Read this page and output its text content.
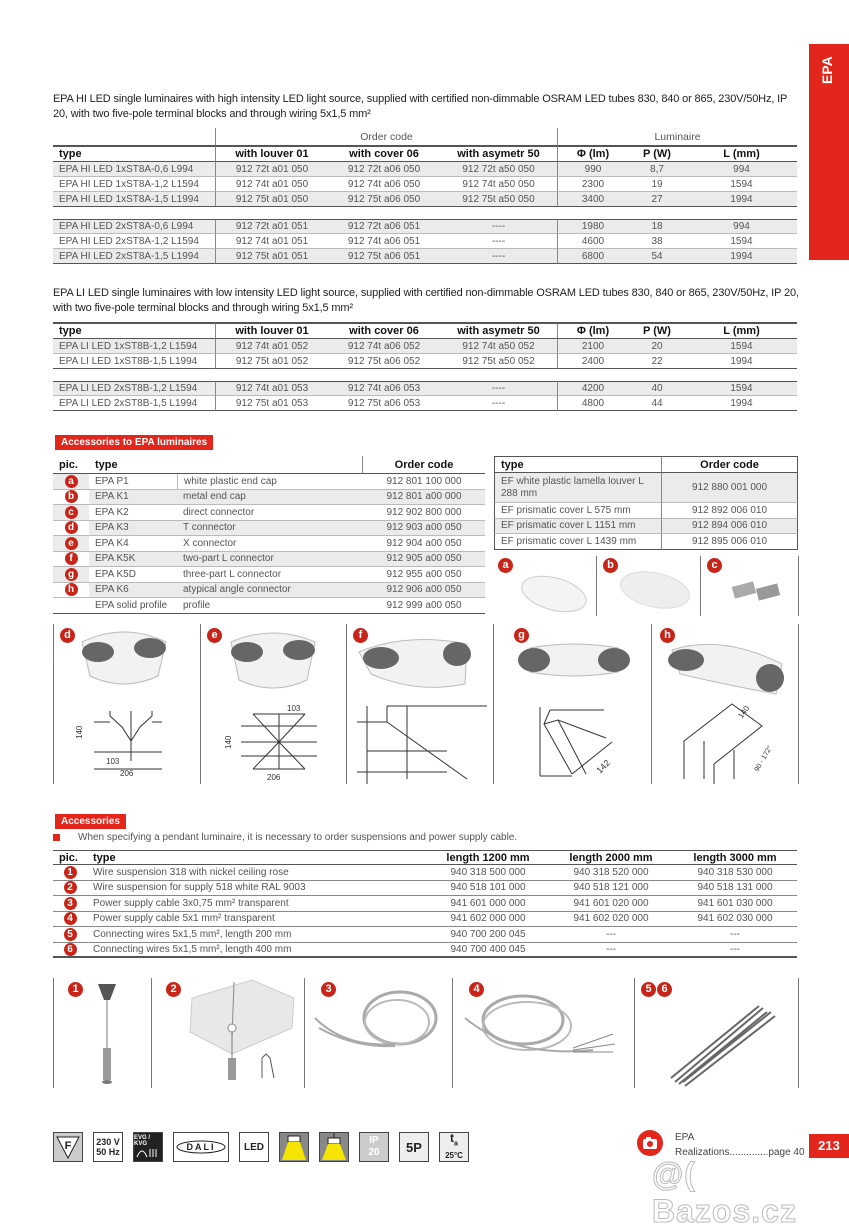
EPA
EPA HI LED single luminaires with high intensity LED light source, supplied with certified non-dimmable OSRAM LED tubes 830, 840 or 865, 230V/50Hz, IP 20, with two five-pole terminal blocks and through wiring 5x1,5 mm²
	Order code			Luminaire		
type	with louver 01	with cover 06	with asymetr 50	Φ (lm)	P (W)	L (mm)
EPA HI LED 1xST8A-0,6 L994	912 72t a01 050	912 72t a06 050	912 72t a50 050	990	8,7	994
EPA HI LED 1xST8A-1,2 L1594	912 74t a01 050	912 74t a06 050	912 74t a50 050	2300	19	1594
EPA HI LED 1xST8A-1,5 L1994	912 75t a01 050	912 75t a06 050	912 75t a50 050	3400	27	1994

EPA HI LED 2xST8A-0,6 L994	912 72t a01 051	912 72t a06 051	----	1980	18	994
EPA HI LED 2xST8A-1,2 L1594	912 74t a01 051	912 74t a06 051	----	4600	38	1594
EPA HI LED 2xST8A-1,5 L1994	912 75t a01 051	912 75t a06 051	----	6800	54	1994
EPA LI LED single luminaires with low intensity LED light source, supplied with certified non-dimmable OSRAM LED tubes 830, 840 or 865, 230V/50Hz, IP 20, with two five-pole terminal blocks and through wiring 5x1,5 mm²
type	with louver 01	with cover 06	with asymetr 50	Φ (lm)	P (W)	L (mm)
EPA LI LED 1xST8B-1,2 L1594	912 74t a01 052	912 74t a06 052	912 74t a50 052	2100	20	1594
EPA LI LED 1xST8B-1,5 L1994	912 75t a01 052	912 75t a06 052	912 75t a50 052	2400	22	1994

EPA LI LED 2xST8B-1,2 L1594	912 74t a01 053	912 74t a06 053	----	4200	40	1594
EPA LI LED 2xST8B-1,5 L1994	912 75t a01 053	912 75t a06 053	----	4800	44	1994
Accessories to EPA luminaires
pic.	type		Order code
a	EPA P1	white plastic end cap	912 801 100 000
b	EPA K1	metal end cap	912 801 a00 000
c	EPA K2	direct connector	912 902 800 000
d	EPA K3	T connector	912 903 a00 050
e	EPA K4	X connector	912 904 a00 050
f	EPA K5K	two-part L connector	912 905 a00 050
g	EPA K5D	three-part L connector	912 955 a00 050
h	EPA K6	atypical angle connector	912 906 a00 050
	EPA solid profile	profile	912 999 a00 050
type	Order code
EF white plastic lamella louver L 288 mm	912 880 001 000
EF prismatic cover L 575 mm	912 892 006 010
EF prismatic cover L 1151 mm	912 894 006 010
EF prismatic cover L 1439 mm	912 895 006 010
a	b	c
d
140
103
206
e
103
140
206
f	g
142
h
140
90 - 172°
Accessories
When specifying a pendant luminaire, it is necessary to order suspensions and power supply cable.
pic.	type	length 1200 mm	length 2000 mm	length 3000 mm
1	Wire suspension 318 with nickel ceiling rose	940 318 500 000	940 318 520 000	940 318 530 000
2	Wire suspension for supply 518 white RAL 9003	940 518 101 000	940 518 121 000	940 518 131 000
3	Power supply cable 3x0,75 mm² transparent	941 601 000 000	941 601 020 000	941 601 030 000
4	Power supply cable 5x1 mm² transparent	941 602 000 000	941 602 020 000	941 602 030 000
5	Connecting wires 5x1,5 mm², length 200 mm	940 700 200 045	---	---
6	Connecting wires 5x1,5 mm², length 400 mm	940 700 400 045	---	---
1	2	3	4	5 6
F	230 V
50 Hz
EVG / KVG	DALI	LED
IP
20 5P
$t_a$
25°C
EPA
Realizations..............page 40	213
@( Bazos.cz
